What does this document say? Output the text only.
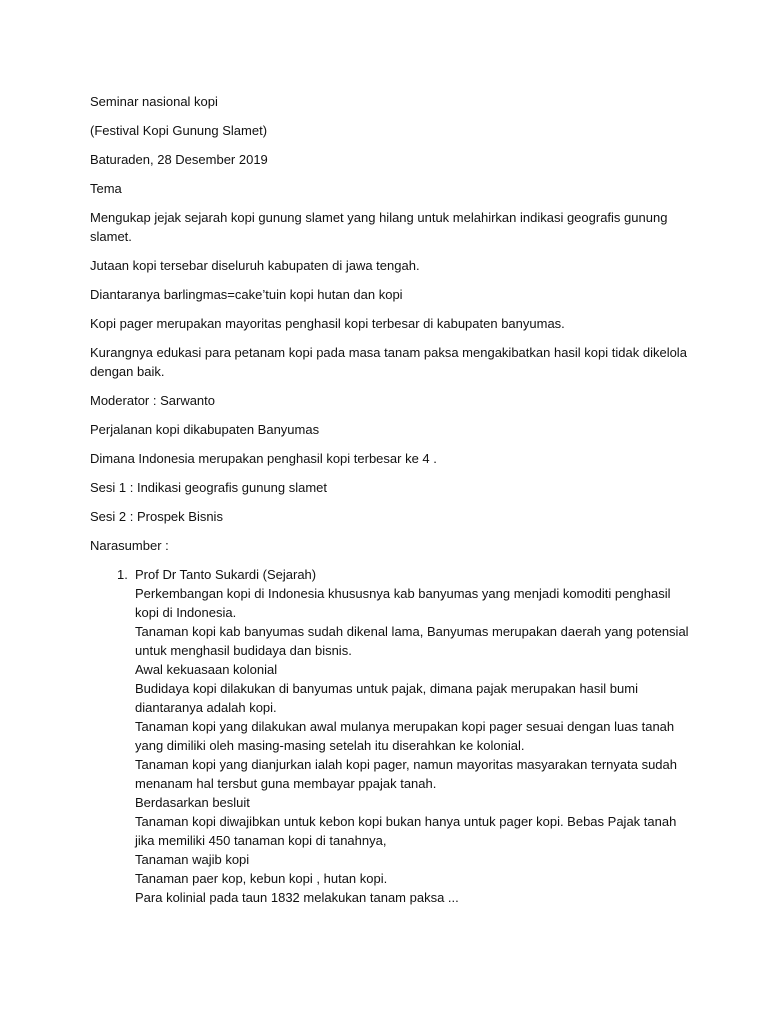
Seminar nasional kopi

(Festival Kopi Gunung Slamet)

Baturaden, 28 Desember 2019

Tema

Mengukap jejak sejarah kopi gunung slamet yang hilang untuk melahirkan indikasi geografis gunung slamet.

Jutaan kopi tersebar diseluruh kabupaten di jawa tengah.

Diantaranya barlingmas=cake’tuin kopi hutan dan kopi

Kopi pager merupakan mayoritas penghasil kopi terbesar di kabupaten banyumas.

Kurangnya edukasi para petanam kopi pada masa tanam paksa mengakibatkan hasil kopi tidak dikelola dengan baik.

Moderator : Sarwanto

Perjalanan kopi dikabupaten Banyumas

Dimana Indonesia merupakan penghasil kopi terbesar ke 4 .

Sesi 1 : Indikasi geografis gunung slamet

Sesi 2 : Prospek Bisnis

Narasumber :

1. Prof Dr Tanto Sukardi (Sejarah)
Perkembangan kopi di Indonesia khususnya kab banyumas yang menjadi komoditi penghasil kopi di Indonesia.
Tanaman kopi kab banyumas sudah dikenal lama, Banyumas merupakan daerah yang potensial untuk menghasil budidaya dan bisnis.
Awal kekuasaan kolonial
Budidaya kopi dilakukan di banyumas untuk pajak, dimana pajak merupakan hasil bumi diantaranya adalah kopi.
Tanaman kopi yang dilakukan awal mulanya merupakan kopi pager sesuai dengan luas tanah yang dimiliki oleh masing-masing setelah itu diserahkan ke kolonial.
Tanaman kopi yang dianjurkan ialah kopi pager, namun mayoritas masyarakan ternyata sudah menanam hal tersbut guna membayar ppajak tanah.
Berdasarkan besluit
Tanaman kopi diwajibkan untuk kebon kopi bukan hanya untuk pager kopi. Bebas Pajak tanah jika memiliki 450 tanaman kopi di tanahnya,
Tanaman wajib kopi
Tanaman paer kop, kebun kopi , hutan kopi.
Para kolinial pada taun 1832 melakukan tanam paksa ...
